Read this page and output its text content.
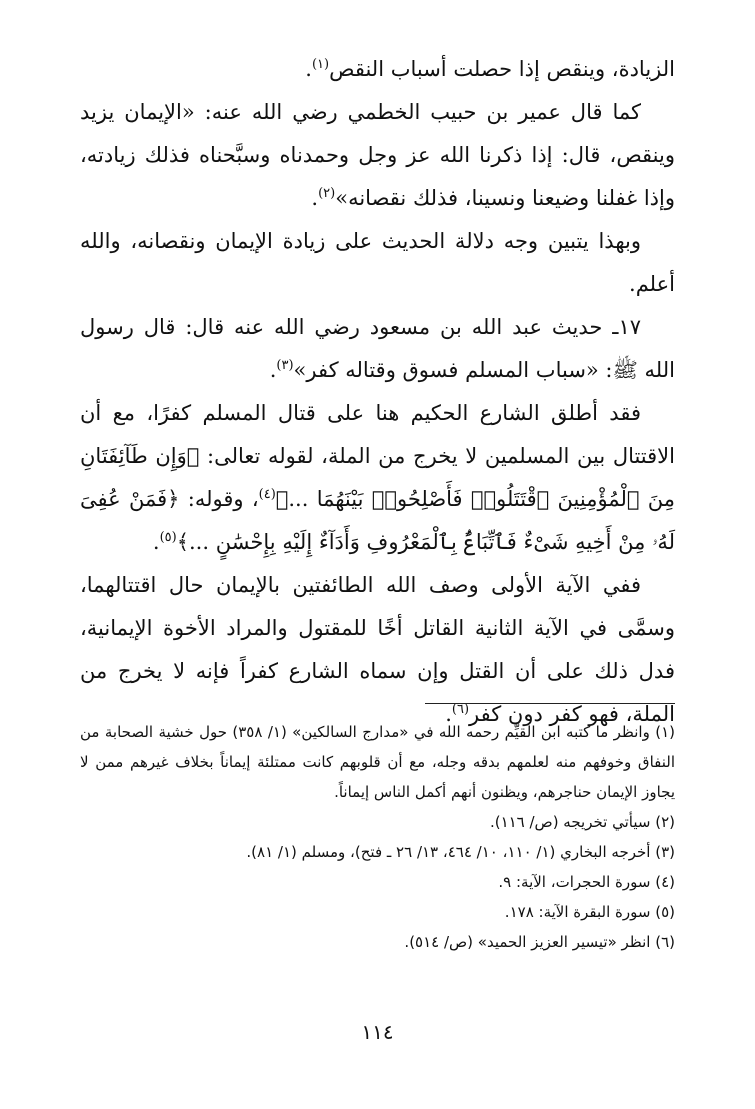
الزيادة، وينقص إذا حصلت أسباب النقص$^{(١)}$.

كما قال عمير بن حبيب الخطمي رضي الله عنه: «الإيمان يزيد وينقص، قال: إذا ذكرنا الله عز وجل وحمدناه وسبَّحناه فذلك زيادته، وإذا غفلنا وضيعنا ونسينا، فذلك نقصانه»$^{(٢)}$.

وبهذا يتبين وجه دلالة الحديث على زيادة الإيمان ونقصانه، والله أعلم.

١٧ـ حديث عبد الله بن مسعود رضي الله عنه قال: قال رسول الله ﷺ: «سباب المسلم فسوق وقتاله كفر»$^{(٣)}$.

فقد أطلق الشارع الحكيم هنا على قتال المسلم كفرًا، مع أن الاقتتال بين المسلمين لا يخرج من الملة، لقوله تعالى: ﴿وَإِن طَآئِفَتَانِ مِنَ ٱلْمُؤْمِنِينَ ٱقْتَتَلُوا۟ فَأَصْلِحُوا۟ بَيْنَهُمَا ...﴾$^{(٤)}$، وقوله: ﴿فَمَنْ عُفِىَ لَهُۥ مِنْ أَخِيهِ شَىْءٌ فَٱتِّبَاعٌۢ بِٱلْمَعْرُوفِ وَأَدَآءٌ إِلَيْهِ بِإِحْسَٰنٍ ...﴾$^{(٥)}$.

ففي الآية الأولى وصف الله الطائفتين بالإيمان حال اقتتالهما، وسمَّى في الآية الثانية القاتل أخًا للمقتول والمراد الأخوة الإيمانية، فدل ذلك على أن القتل وإن سماه الشارع كفراً فإنه لا يخرج من الملة، فهو كفر دون كفر$^{(٦)}$.

(١) وانظر ما كتبه ابن القيِّم رحمه الله في «مدارج السالكين» (١/ ٣٥٨) حول خشية الصحابة من النفاق وخوفهم منه لعلمهم بدقه وجله، مع أن قلوبهم كانت ممتلئة إيماناً بخلاف غيرهم ممن لا يجاوز الإيمان حناجرهم، ويظنون أنهم أكمل الناس إيماناً.

(٢) سيأتي تخريجه (ص/ ١١٦).

(٣) أخرجه البخاري (١/ ١١٠، ١٠/ ٤٦٤، ١٣/ ٢٦ ـ فتح)، ومسلم (١/ ٨١).

(٤) سورة الحجرات، الآية: ٩.

(٥) سورة البقرة الآية: ١٧٨.

(٦) انظر «تيسير العزيز الحميد» (ص/ ٥١٤).

١١٤
